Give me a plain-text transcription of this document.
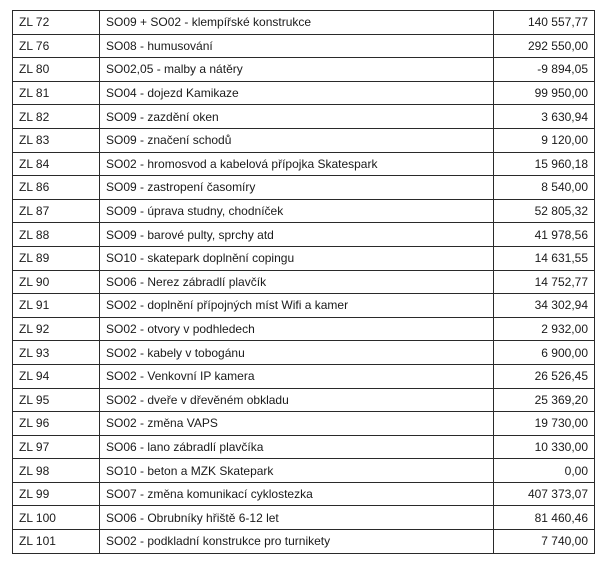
ZL 72	SO09 + SO02 - klempířské konstrukce	140 557,77
ZL 76	SO08 - humusování	292 550,00
ZL 80	SO02,05 - malby a nátěry	-9 894,05
ZL 81	SO04 - dojezd Kamikaze	99 950,00
ZL 82	SO09 - zazdění oken	3 630,94
ZL 83	SO09 - značení schodů	9 120,00
ZL 84	SO02 - hromosvod a kabelová přípojka Skatespark	15 960,18
ZL 86	SO09 - zastropení časomíry	8 540,00
ZL 87	SO09 - úprava studny, chodníček	52 805,32
ZL 88	SO09 - barové pulty, sprchy atd	41 978,56
ZL 89	SO10 - skatepark doplnění copingu	14 631,55
ZL 90	SO06 - Nerez zábradlí plavčík	14 752,77
ZL 91	SO02 - doplnění přípojných míst Wifi a kamer	34 302,94
ZL 92	SO02 - otvory v podhledech	2 932,00
ZL 93	SO02 - kabely v tobogánu	6 900,00
ZL 94	SO02 - Venkovní IP kamera	26 526,45
ZL 95	SO02 - dveře v dřevěném obkladu	25 369,20
ZL 96	SO02 - změna VAPS	19 730,00
ZL 97	SO06 - lano zábradlí plavčíka	10 330,00
ZL 98	SO10 - beton a MZK Skatepark	0,00
ZL 99	SO07 - změna komunikací cyklostezka	407 373,07
ZL 100	SO06 - Obrubníky hřiště 6-12 let	81 460,46
ZL 101	SO02 - podkladní konstrukce pro turnikety	7 740,00
